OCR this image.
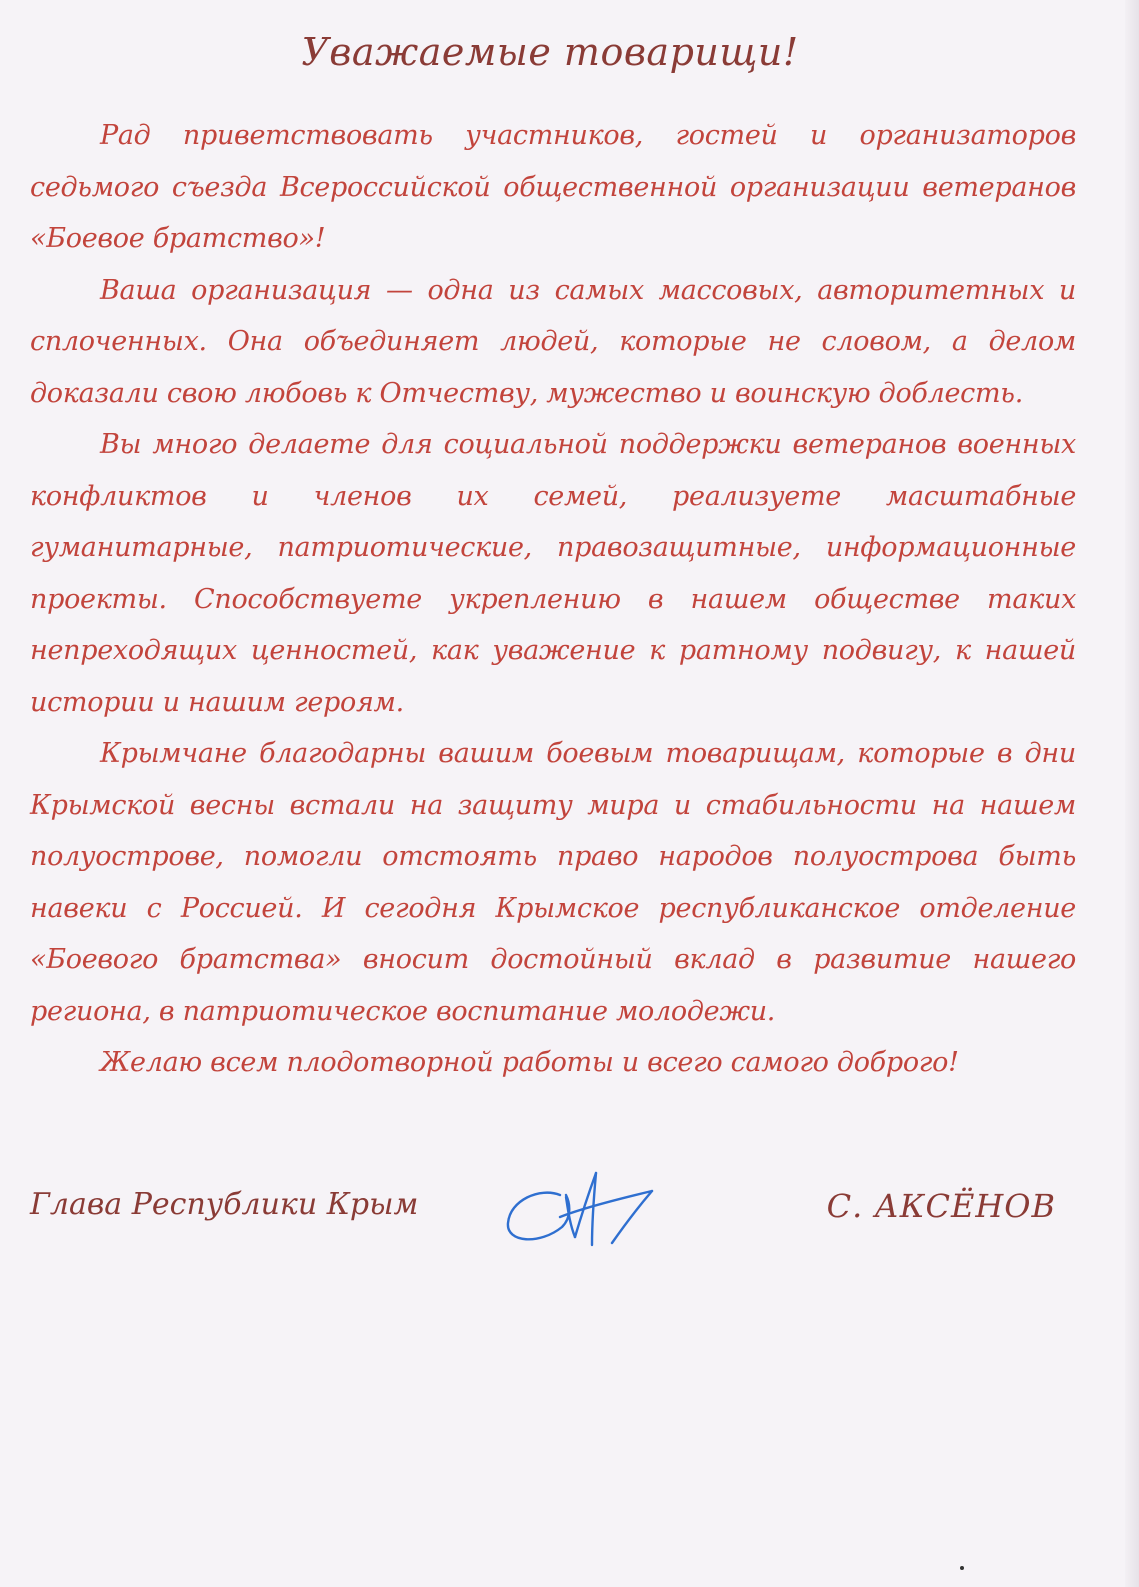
Уважаемые товарищи!

Рад приветствовать участников, гостей и организаторов седьмого съезда Всероссийской общественной организации ветеранов «Боевое братство»!

Ваша организация — одна из самых массовых, авторитетных и сплоченных. Она объединяет людей, которые не словом, а делом доказали свою любовь к Отчеству, мужество и воинскую доблесть.

Вы много делаете для социальной поддержки ветеранов военных конфликтов и членов их семей, реализуете масштабные гуманитарные, патриотические, правозащитные, информационные проекты. Способствуете укреплению в нашем обществе таких непреходящих ценностей, как уважение к ратному подвигу, к нашей истории и нашим героям.

Крымчане благодарны вашим боевым товарищам, которые в дни Крымской весны встали на защиту мира и стабильности на нашем полуострове, помогли отстоять право народов полуострова быть навеки с Россией. И сегодня Крымское республиканское отделение «Боевого братства» вносит достойный вклад в развитие нашего региона, в патриотическое воспитание молодежи.

Желаю всем плодотворной работы и всего самого доброго!

Глава Республики Крым	С. АКСЁНОВ
